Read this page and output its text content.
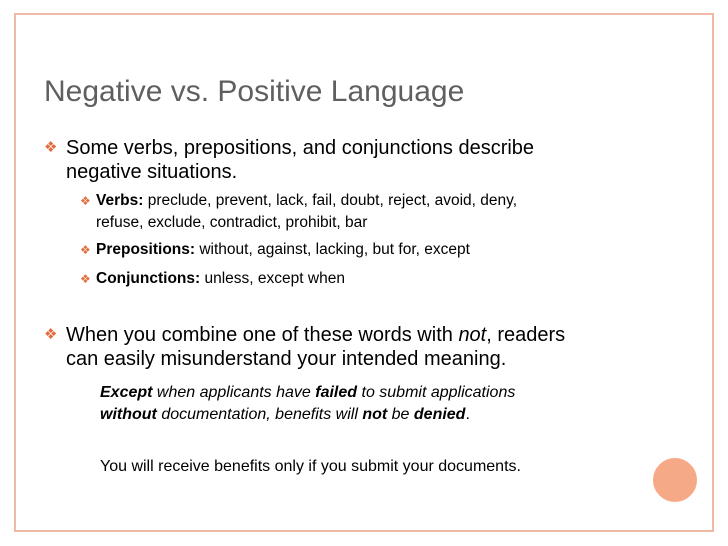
Negative vs. Positive Language
❖ Some verbs, prepositions, and conjunctions describe
negative situations.
❖ Verbs: preclude, prevent, lack, fail, doubt, reject, avoid, deny,
refuse, exclude, contradict, prohibit, bar
❖ Prepositions: without, against, lacking, but for, except
❖ Conjunctions: unless, except when
❖ When you combine one of these words with not, readers
can easily misunderstand your intended meaning.
Except when applicants have failed to submit applications
without documentation, benefits will not be denied.
You will receive benefits only if you submit your documents.
